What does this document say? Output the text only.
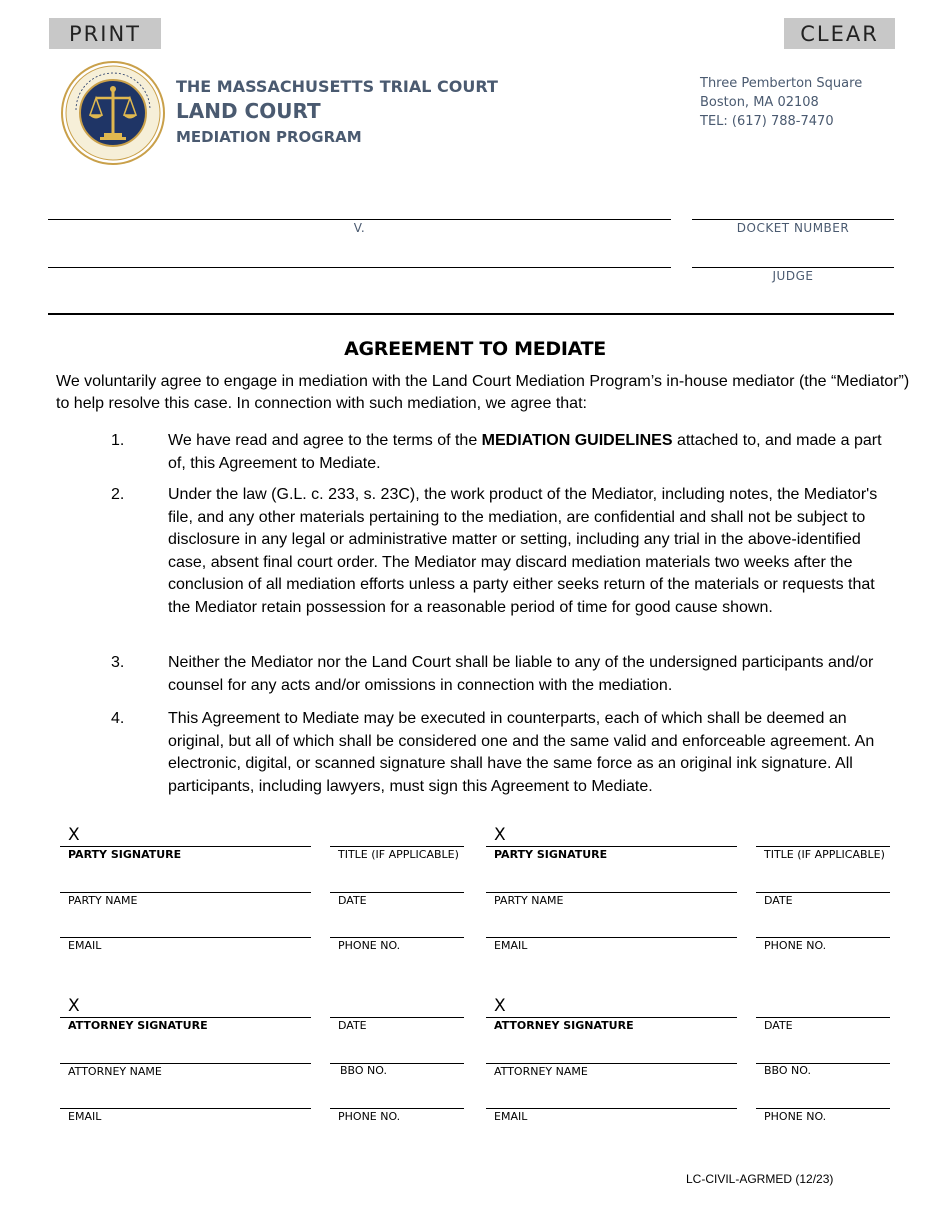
PRINT	CLEAR
THE MASSACHUSETTS TRIAL COURT
LAND COURT
MEDIATION PROGRAM
Three Pemberton Square
Boston, MA 02108
TEL: (617) 788-7470
V.	DOCKET NUMBER
JUDGE
AGREEMENT TO MEDIATE
We voluntarily agree to engage in mediation with the Land Court Mediation Program’s in-house mediator (the “Mediator”) to help resolve this case. In connection with such mediation, we agree that:
1.	We have read and agree to the terms of the MEDIATION GUIDELINES attached to, and made a part of, this Agreement to Mediate.
2.	Under the law (G.L. c. 233, s. 23C), the work product of the Mediator, including notes, the Mediator's file, and any other materials pertaining to the mediation, are confidential and shall not be subject to disclosure in any legal or administrative matter or setting, including any trial in the above-identified case, absent final court order. The Mediator may discard mediation materials two weeks after the conclusion of all mediation efforts unless a party either seeks return of the materials or requests that the Mediator retain possession for a reasonable period of time for good cause shown.
3.	Neither the Mediator nor the Land Court shall be liable to any of the undersigned participants and/or counsel for any acts and/or omissions in connection with the mediation.
4.	This Agreement to Mediate may be executed in counterparts, each of which shall be deemed an original, but all of which shall be considered one and the same valid and enforceable agreement. An electronic, digital, or scanned signature shall have the same force as an original ink signature. All participants, including lawyers, must sign this Agreement to Mediate.
X
PARTY SIGNATURE	TITLE (IF APPLICABLE)
PARTY NAME	DATE
EMAIL	PHONE NO.
X
PARTY SIGNATURE	TITLE (IF APPLICABLE)
PARTY NAME	DATE
EMAIL	PHONE NO.
X
ATTORNEY SIGNATURE	DATE
ATTORNEY NAME	BBO NO.
EMAIL	PHONE NO.
X
ATTORNEY SIGNATURE	DATE
ATTORNEY NAME	BBO NO.
EMAIL	PHONE NO.
LC-CIVIL-AGRMED (12/23)
